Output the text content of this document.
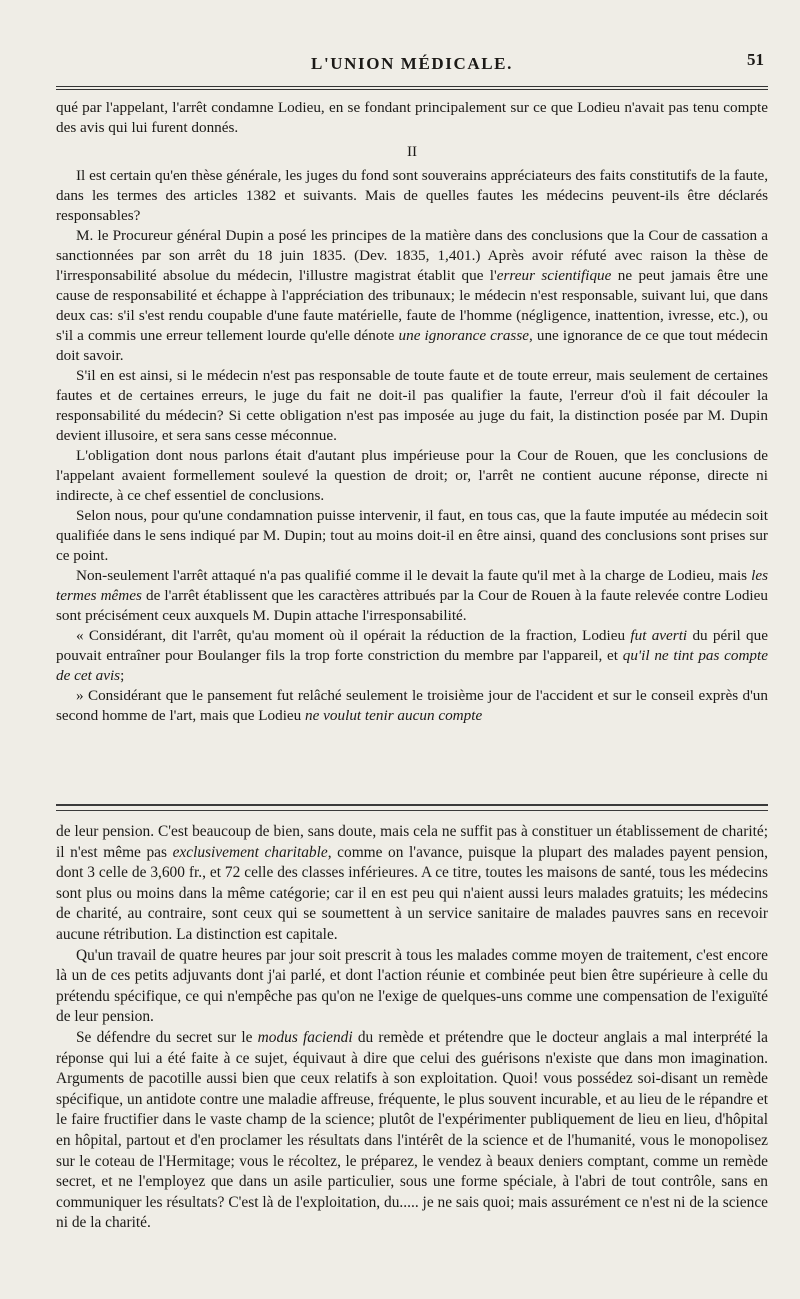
L'UNION MÉDICALE.	51

qué par l'appelant, l'arrêt condamne Lodieu, en se fondant principalement sur ce que Lodieu n'avait pas tenu compte des avis qui lui furent donnés.

II

Il est certain qu'en thèse générale, les juges du fond sont souverains appréciateurs des faits constitutifs de la faute, dans les termes des articles 1382 et suivants. Mais de quelles fautes les médecins peuvent-ils être déclarés responsables?

M. le Procureur général Dupin a posé les principes de la matière dans des conclusions que la Cour de cassation a sanctionnées par son arrêt du 18 juin 1835. (Dev. 1835, 1,401.) Après avoir réfuté avec raison la thèse de l'irresponsabilité absolue du médecin, l'illustre magistrat établit que l'erreur scientifique ne peut jamais être une cause de responsabilité et échappe à l'appréciation des tribunaux; le médecin n'est responsable, suivant lui, que dans deux cas: s'il s'est rendu coupable d'une faute matérielle, faute de l'homme (négligence, inattention, ivresse, etc.), ou s'il a commis une erreur tellement lourde qu'elle dénote une ignorance crasse, une ignorance de ce que tout médecin doit savoir.

S'il en est ainsi, si le médecin n'est pas responsable de toute faute et de toute erreur, mais seulement de certaines fautes et de certaines erreurs, le juge du fait ne doit-il pas qualifier la faute, l'erreur d'où il fait découler la responsabilité du médecin? Si cette obligation n'est pas imposée au juge du fait, la distinction posée par M. Dupin devient illusoire, et sera sans cesse méconnue.

L'obligation dont nous parlons était d'autant plus impérieuse pour la Cour de Rouen, que les conclusions de l'appelant avaient formellement soulevé la question de droit; or, l'arrêt ne contient aucune réponse, directe ni indirecte, à ce chef essentiel de conclusions.

Selon nous, pour qu'une condamnation puisse intervenir, il faut, en tous cas, que la faute imputée au médecin soit qualifiée dans le sens indiqué par M. Dupin; tout au moins doit-il en être ainsi, quand des conclusions sont prises sur ce point.

Non-seulement l'arrêt attaqué n'a pas qualifié comme il le devait la faute qu'il met à la charge de Lodieu, mais les termes mêmes de l'arrêt établissent que les caractères attribués par la Cour de Rouen à la faute relevée contre Lodieu sont précisément ceux auxquels M. Dupin attache l'irresponsabilité.

« Considérant, dit l'arrêt, qu'au moment où il opérait la réduction de la fraction, Lodieu fut averti du péril que pouvait entraîner pour Boulanger fils la trop forte constriction du membre par l'appareil, et qu'il ne tint pas compte de cet avis;

» Considérant que le pansement fut relâché seulement le troisième jour de l'accident et sur le conseil exprès d'un second homme de l'art, mais que Lodieu ne voulut tenir aucun compte

de leur pension. C'est beaucoup de bien, sans doute, mais cela ne suffit pas à constituer un établissement de charité; il n'est même pas exclusivement charitable, comme on l'avance, puisque la plupart des malades payent pension, dont 3 celle de 3,600 fr., et 72 celle des classes inférieures. A ce titre, toutes les maisons de santé, tous les médecins sont plus ou moins dans la même catégorie; car il en est peu qui n'aient aussi leurs malades gratuits; les médecins de charité, au contraire, sont ceux qui se soumettent à un service sanitaire de malades pauvres sans en recevoir aucune rétribution. La distinction est capitale.

Qu'un travail de quatre heures par jour soit prescrit à tous les malades comme moyen de traitement, c'est encore là un de ces petits adjuvants dont j'ai parlé, et dont l'action réunie et combinée peut bien être supérieure à celle du prétendu spécifique, ce qui n'empêche pas qu'on ne l'exige de quelques-uns comme une compensation de l'exiguïté de leur pension.

Se défendre du secret sur le modus faciendi du remède et prétendre que le docteur anglais a mal interprété la réponse qui lui a été faite à ce sujet, équivaut à dire que celui des guérisons n'existe que dans mon imagination. Arguments de pacotille aussi bien que ceux relatifs à son exploitation. Quoi! vous possédez soi-disant un remède spécifique, un antidote contre une maladie affreuse, fréquente, le plus souvent incurable, et au lieu de le répandre et le faire fructifier dans le vaste champ de la science; plutôt de l'expérimenter publiquement de lieu en lieu, d'hôpital en hôpital, partout et d'en proclamer les résultats dans l'intérêt de la science et de l'humanité, vous le monopolisez sur le coteau de l'Hermitage; vous le récoltez, le préparez, le vendez à beaux deniers comptant, comme un remède secret, et ne l'employez que dans un asile particulier, sous une forme spéciale, à l'abri de tout contrôle, sans en communiquer les résultats? C'est là de l'exploitation, du..... je ne sais quoi; mais assurément ce n'est ni de la science ni de la charité.
